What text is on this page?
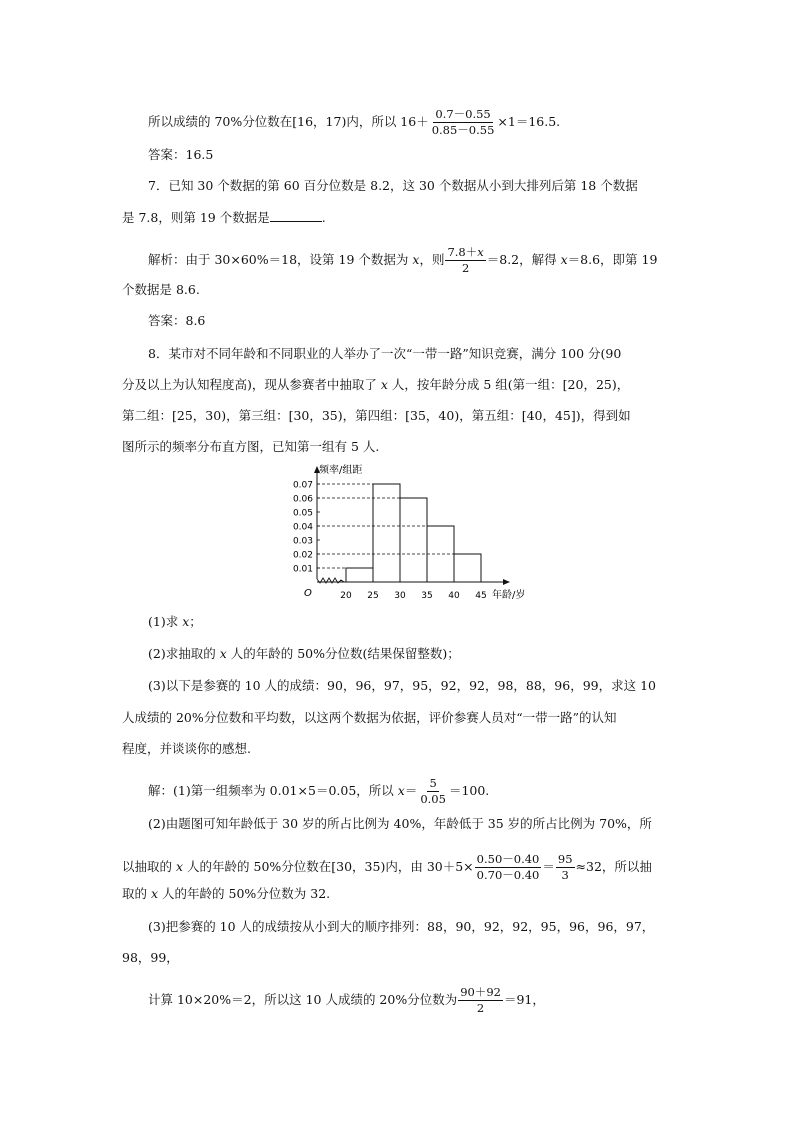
所以成绩的 70%分位数在[16，17)内，所以 $16+ \frac{0.7-0.55}{0.85-0.55} \times 1=16.5$.
答案：16.5
7．已知 30 个数据的第 60 百分位数是 8.2，这 30 个数据从小到大排列后第 18 个数据
是 7.8，则第 19 个数据是	.
解析：由于 30×60%＝18，设第 19 个数据为 x，则 $\frac{7.8+x}{2} =8.2$，解得 x＝8.6，即第 19
个数据是 8.6.
答案：8.6
8．某市对不同年龄和不同职业的人举办了一次“一带一路”知识竞赛，满分 100 分(90
分及以上为认知程度高)，现从参赛者中抽取了 x 人，按年龄分成 5 组(第一组：[20，25)，
第二组：[25，30)，第三组：[30，35)，第四组：[35，40)，第五组：[40，45])，得到如
图所示的频率分布直方图，已知第一组有 5 人.
O
频率/组距
年龄/岁
0.01
0.02
0.03
0.04
0.05
0.06
0.07
20 25 30 35 40 45
(1)求 x；
(2)求抽取的 x 人的年龄的 50%分位数(结果保留整数)；
(3)以下是参赛的 10 人的成绩：90，96，97，95，92，92，98，88，96，99，求这 10
人成绩的 20%分位数和平均数，以这两个数据为依据，评价参赛人员对“一带一路”的认知
程度，并谈谈你的感想.
解：(1)第一组频率为 0.01×5＝0.05，所以 $x= \frac{5}{0.05} =100$.
(2)由题图可知年龄低于 30 岁的所占比例为 40%，年龄低于 35 岁的所占比例为 70%，所
以抽取的 x 人的年龄的 50%分位数在[30，35)内，由 $30+5\times \frac{0.50-0.40}{0.70-0.40} = \frac{95}{3} \approx 32$，所以抽
取的 x 人的年龄的 50%分位数为 32.
(3)把参赛的 10 人的成绩按从小到大的顺序排列：88，90，92，92，95，96，96，97，
98，99，
计算 10×20%＝2，所以这 10 人成绩的 20%分位数为 $\frac{90+92}{2} =91$，
